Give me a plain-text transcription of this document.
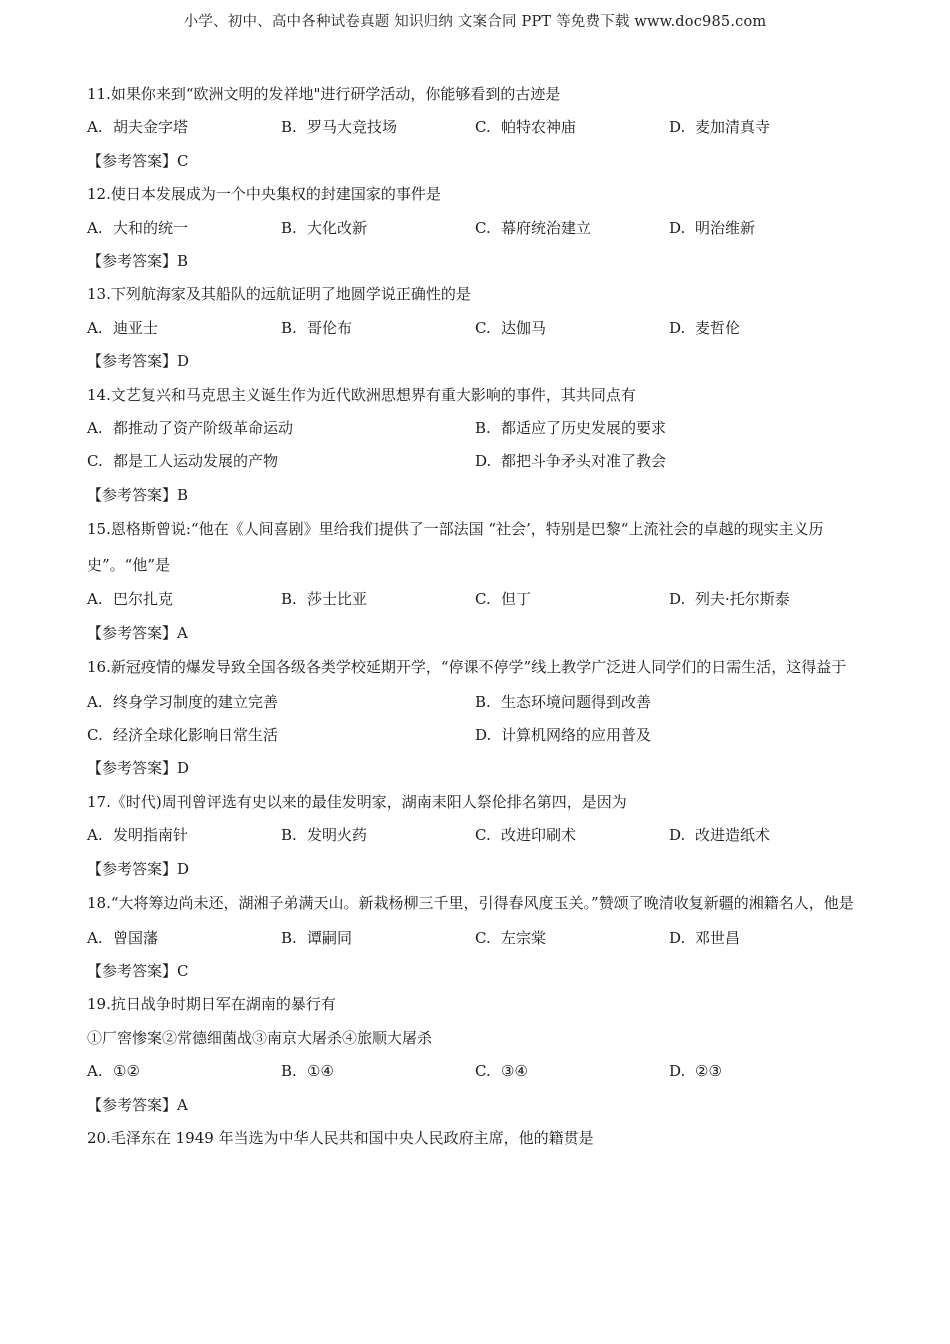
小学、初中、高中各种试卷真题 知识归纳 文案合同 PPT 等免费下载 www.doc985.com
11.如果你来到“欧洲文明的发祥地"进行研学活动，你能够看到的古迹是
A. 胡夫金字塔	B. 罗马大竞技场	C. 帕特农神庙	D. 麦加清真寺
【参考答案】C
12.使日本发展成为一个中央集权的封建国家的事件是
A. 大和的统一	B. 大化改新	C. 幕府统治建立	D. 明治维新
【参考答案】B
13.下列航海家及其船队的远航证明了地圆学说正确性的是
A. 迪亚士	B. 哥伦布	C. 达伽马	D. 麦哲伦
【参考答案】D
14.文艺复兴和马克思主义诞生作为近代欧洲思想界有重大影响的事件，其共同点有
A. 都推动了资产阶级革命运动	B. 都适应了历史发展的要求
C. 都是工人运动发展的产物	D. 都把斗争矛头对准了教会
【参考答案】B
15.恩格斯曾说:“他在《人间喜剧》里给我们提供了一部法国 “社会’，特别是巴黎“上流社会的卓越的现实主义历史”。“他”是
A. 巴尔扎克	B. 莎士比亚	C. 但丁	D. 列夫·托尔斯泰
【参考答案】A
16.新冠疫情的爆发导致全国各级各类学校延期开学，“停课不停学”线上教学广泛进人同学们的日需生活，这得益于
A. 终身学习制度的建立完善	B. 生态环境问题得到改善
C. 经济全球化影响日常生活	D. 计算机网络的应用普及
【参考答案】D
17.《时代)周刊曾评选有史以来的最佳发明家，湖南耒阳人祭伦排名第四，是因为
A. 发明指南针	B. 发明火药	C. 改进印刷术	D. 改进造纸术
【参考答案】D
18.“大将筹边尚未还，湖湘子弟满天山。新栽杨柳三千里，引得春风度玉关。”赞颂了晚清收复新疆的湘籍名人，他是
A. 曾国藩	B. 谭嗣同	C. 左宗棠	D. 邓世昌
【参考答案】C
19.抗日战争时期日军在湖南的暴行有
①厂窖惨案②常德细菌战③南京大屠杀④旅顺大屠杀
A. ①②	B. ①④	C. ③④	D. ②③
【参考答案】A
20.毛泽东在 1949 年当选为中华人民共和国中央人民政府主席，他的籍贯是
